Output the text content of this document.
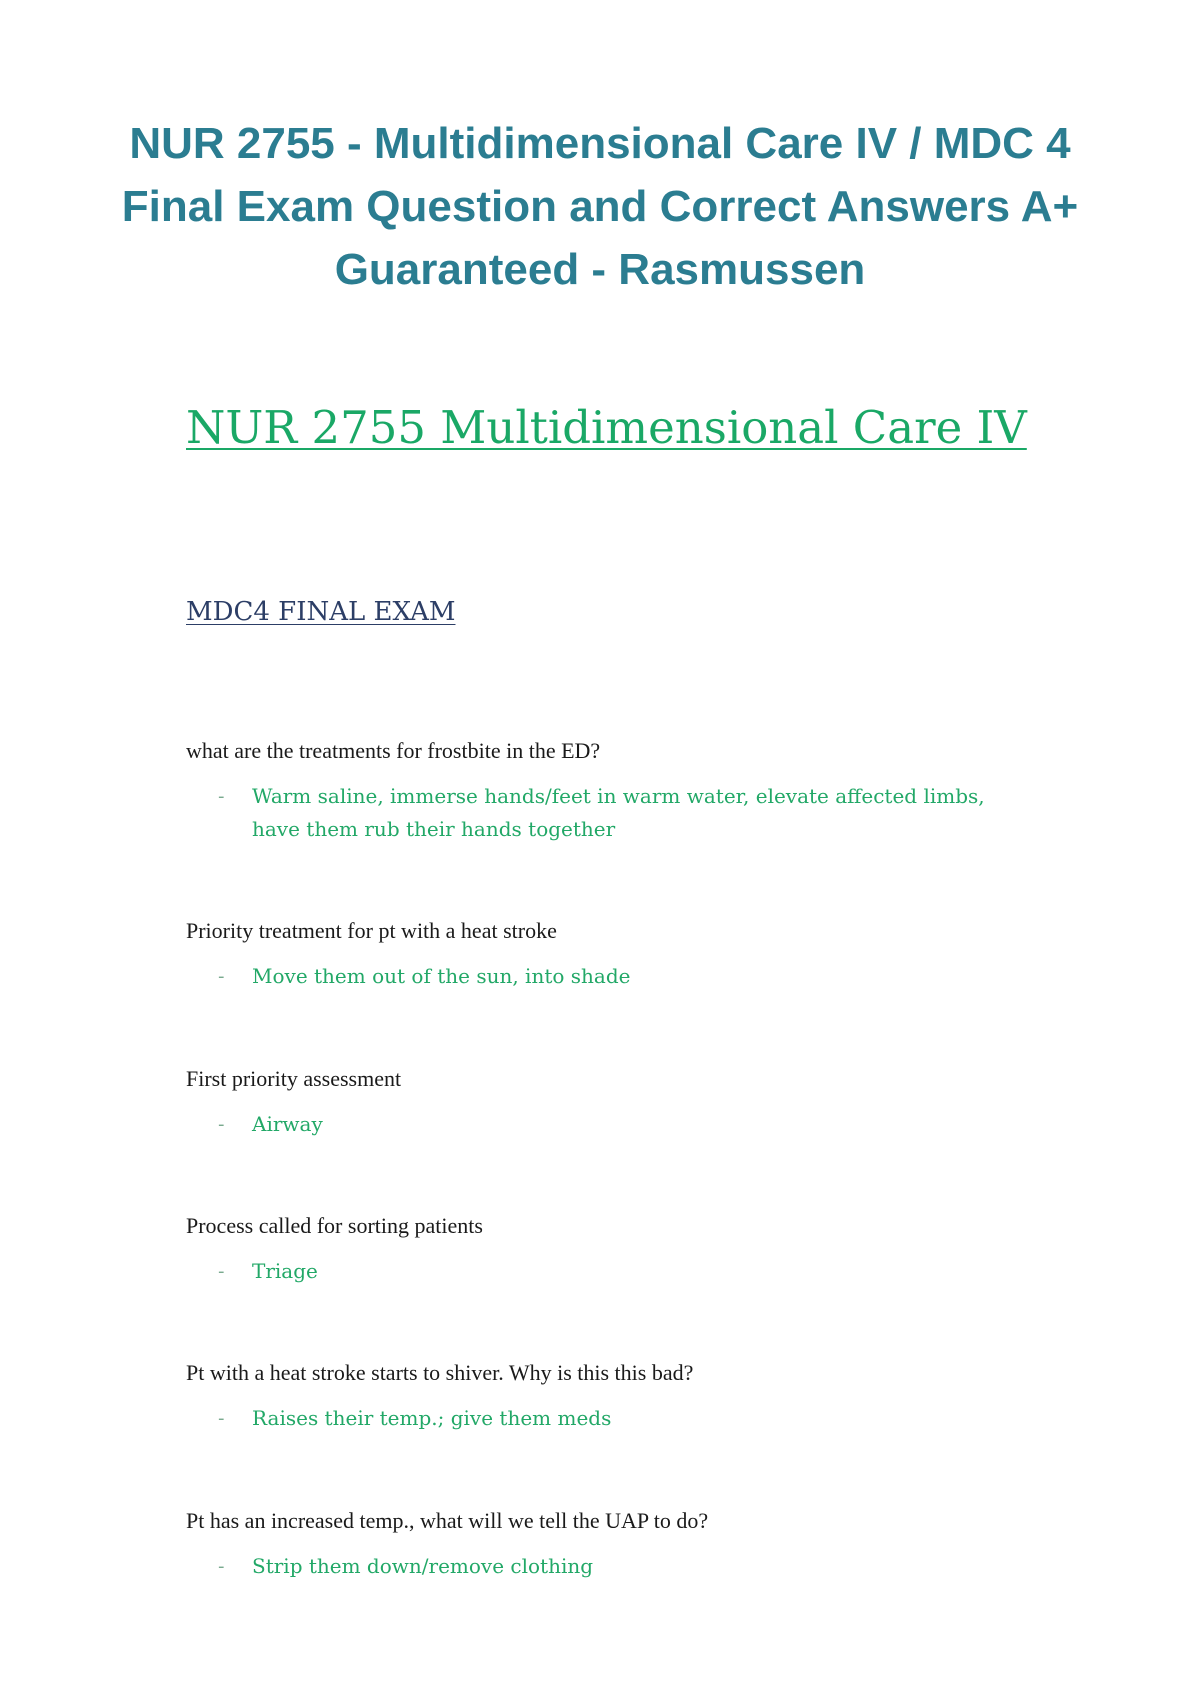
NUR 2755 - Multidimensional Care IV / MDC 4 Final Exam Question and Correct Answers A+ Guaranteed - Rasmussen
NUR 2755 Multidimensional Care IV
MDC4 FINAL EXAM

what are the treatments for frostbite in the ED?

- Warm saline, immerse hands/feet in warm water, elevate affected limbs, have them rub their hands together

Priority treatment for pt with a heat stroke

- Move them out of the sun, into shade

First priority assessment

- Airway

Process called for sorting patients

- Triage

Pt with a heat stroke starts to shiver. Why is this this bad?

- Raises their temp.; give them meds

Pt has an increased temp., what will we tell the UAP to do?

- Strip them down/remove clothing
